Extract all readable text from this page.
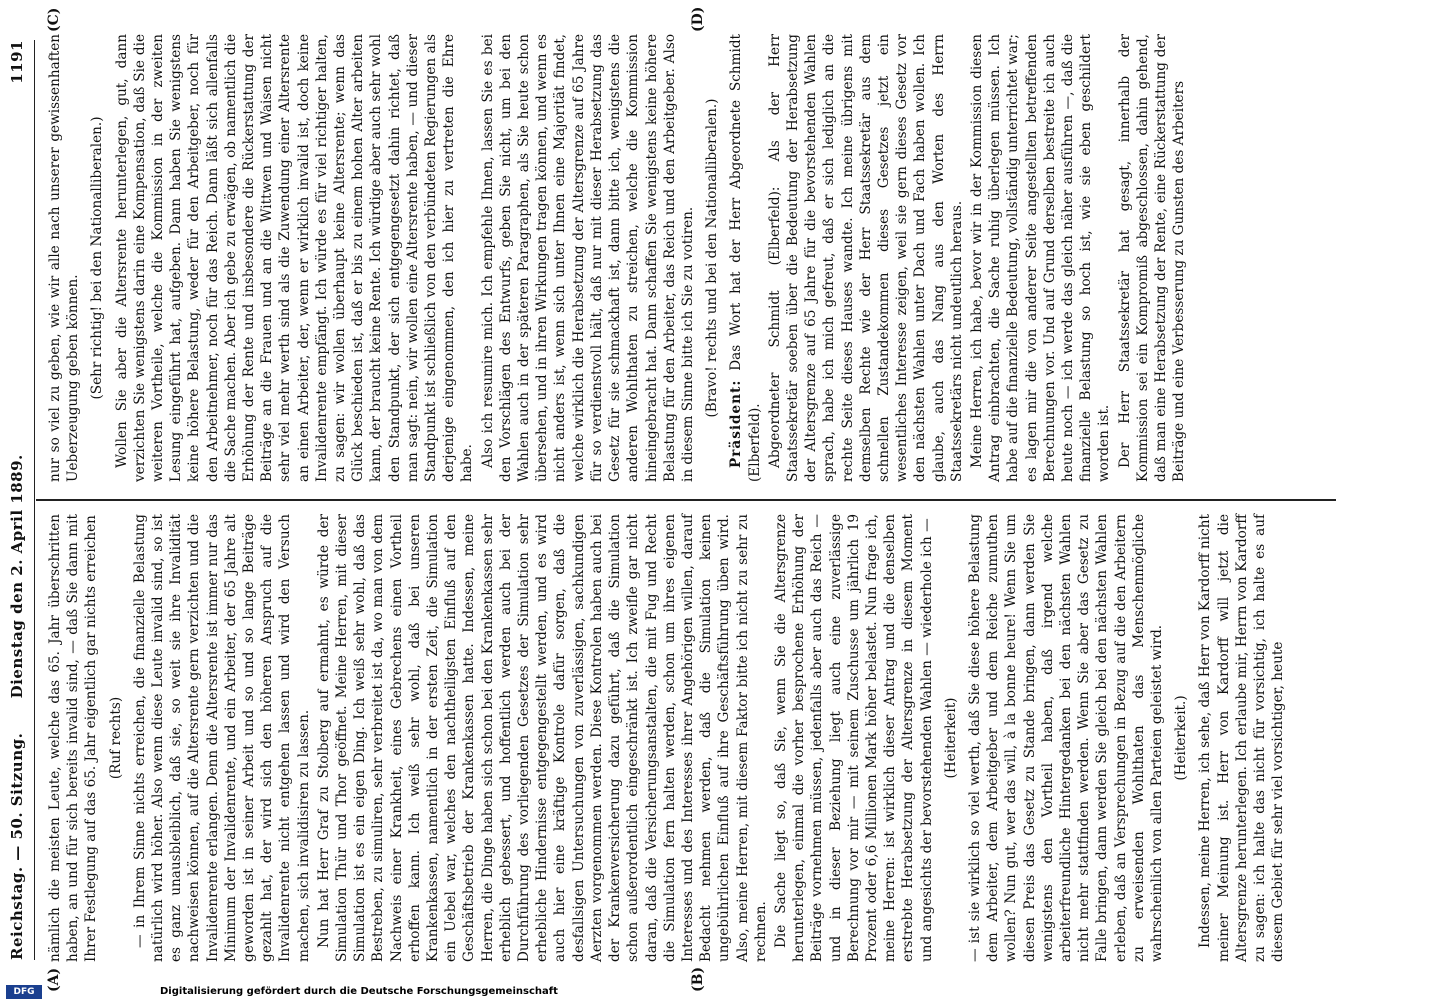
Reichstag. — 50. Sitzung.      Dienstag den 2. April 1889.
1191
(A)	(B)
(C)	(D)

nämlich die meisten Leute, welche das 65. Jahr überschritten haben, an und für sich bereits invalid sind, — daß Sie dann mit Ihrer Festlegung auf das 65. Jahr eigentlich gar nichts erreichen (Ruf rechts) — in Ihrem Sinne nichts erreichen, die finanzielle Belastung natürlich wird höher. Also wenn diese Leute invalid sind, so ist es ganz unausbleiblich, daß sie, so weit sie ihre Invalidität nachweisen können, auf die Altersrente gern verzichten und die Invalidenrente erlangen. Denn die Altersrente ist immer nur das Minimum der Invalidenrente, und ein Arbeiter, der 65 Jahre alt geworden ist in seiner Arbeit und so und so lange Beiträge gezahlt hat, der wird sich den höheren Anspruch auf die Invalidenrente nicht entgehen lassen und wird den Versuch machen, sich invalidisiren zu lassen. Nun hat Herr Graf zu Stolberg auf ermahnt, es würde der Simulation Thür und Thor geöffnet. Meine Herren, mit dieser Simulation ist es ein eigen Ding. Ich weiß sehr wohl, daß das Bestreben, zu simuliren, sehr verbreitet ist da, wo man von dem Nachweis einer Krankheit, eines Gebrechens einen Vortheil erhoffen kann. Ich weiß sehr wohl, daß bei unseren Krankenkassen, namentlich in der ersten Zeit, die Simulation ein Uebel war, welches den nachtheiligsten Einfluß auf den Geschäftsbetrieb der Krankenkassen hatte. Indessen, meine Herren, die Dinge haben sich schon bei den Krankenkassen sehr erheblich gebessert, und hoffentlich werden auch bei der Durchführung des vorliegenden Gesetzes der Simulation sehr erhebliche Hindernisse entgegengestellt werden, und es wird auch hier eine kräftige Kontrole dafür sorgen, daß die desfallsigen Untersuchungen von zuverlässigen, sachkundigen Aerzten vorgenommen werden. Diese Kontrolen haben auch bei der Krankenversicherung dazu geführt, daß die Simulation schon außerordentlich eingeschränkt ist. Ich zweifle gar nicht daran, daß die Versicherungsanstalten, die mit Fug und Recht die Simulation fern halten werden, schon um ihres eigenen Interesses und des Interesses ihrer Angehörigen willen, darauf Bedacht nehmen werden, daß die Simulation keinen ungebührlichen Einfluß auf ihre Geschäftsführung üben wird. Also, meine Herren, mit diesem Faktor bitte ich nicht zu sehr zu rechnen. Die Sache liegt so, daß Sie, wenn Sie die Altersgrenze herunterlegen, einmal die vorher besprochene Erhöhung der Beiträge vornehmen müssen, jedenfalls aber auch das Reich — und in dieser Beziehung liegt auch eine zuverlässige Berechnung vor mir — mit seinem Zuschusse um jährlich 19 Prozent oder 6,6 Millionen Mark höher belastet. Nun frage ich, meine Herren: ist wirklich dieser Antrag und die denselben erstrebte Herabsetzung der Altersgrenze in diesem Moment und angesichts der bevorstehenden Wahlen — wiederhole ich — (Heiterkeit) — ist sie wirklich so viel werth, daß Sie diese höhere Belastung dem Arbeiter, dem Arbeitgeber und dem Reiche zumuthen wollen? Nun gut, wer das will, à la bonne heure! Wenn Sie um diesen Preis das Gesetz zu Stande bringen, dann werden Sie wenigstens den Vortheil haben, daß irgend welche arbeiterfreundliche Hintergedanken bei den nächsten Wahlen nicht mehr stattfinden werden. Wenn Sie aber das Gesetz zu Falle bringen, dann werden Sie gleich bei den nächsten Wahlen erleben, daß an Versprechungen in Bezug auf die den Arbeitern zu erweisenden Wohlthaten das Menschenmögliche wahrscheinlich von allen Parteien geleistet wird. (Heiterkeit.) Indessen, meine Herren, ich sehe, daß Herr von Kardorff nicht meiner Meinung ist. Herr von Kardorff will jetzt die Altersgrenze herunterlegen. Ich erlaube mir, Herrn von Kardorff zu sagen: ich halte das nicht für vorsichtig, ich halte es auf diesem Gebiet für sehr viel vorsichtiger, heute

nur so viel zu geben, wie wir alle nach unserer gewissenhaften Ueberzeugung geben können. (Sehr richtig! bei den Nationalliberalen.) Wollen Sie aber die Altersrente herunterlegen, gut, dann verzichten Sie wenigstens darin eine Kompensation, daß Sie die weiteren Vortheile, welche die Kommission in der zweiten Lesung eingeführt hat, aufgeben. Dann haben Sie wenigstens keine höhere Belastung, weder für den Arbeitgeber, noch für den Arbeitnehmer, noch für das Reich. Dann läßt sich allenfalls die Sache machen. Aber ich gebe zu erwägen, ob namentlich die Erhöhung der Rente und insbesondere die Rückerstattung der Beiträge an die Frauen und an die Wittwen und Waisen nicht sehr viel mehr werth sind als die Zuwendung einer Altersrente an einen Arbeiter, der, wenn er wirklich invalid ist, doch keine Invalidenrente empfängt. Ich würde es für viel richtiger halten, zu sagen: wir wollen überhaupt keine Altersrente; wenn das Glück beschieden ist, daß er bis zu einem hohen Alter arbeiten kann, der braucht keine Rente. Ich würdige aber auch sehr wohl den Standpunkt, der sich entgegengesetzt dahin richtet, daß man sagt: nein, wir wollen eine Altersrente haben, — und dieser Standpunkt ist schließlich von den verbündeten Regierungen als derjenige eingenommen, den ich hier zu vertreten die Ehre habe. Also ich resumire mich. Ich empfehle Ihnen, lassen Sie es bei den Vorschlägen des Entwurfs, geben Sie nicht, um bei den Wahlen auch in der späteren Paragraphen, als Sie heute schon übersehen, und in ihren Wirkungen tragen können, und wenn es nicht anders ist, wenn sich unter Ihnen eine Majorität findet, welche wirklich die Herabsetzung der Altersgrenze auf 65 Jahre für so verdienstvoll hält, daß nur mit dieser Herabsetzung das Gesetz für sie schmackhaft ist, dann bitte ich, wenigstens die anderen Wohlthaten zu streichen, welche die Kommission hineingebracht hat. Dann schaffen Sie wenigstens keine höhere Belastung für den Arbeiter, das Reich und den Arbeitgeber. Also in diesem Sinne bitte ich Sie zu votiren. (Bravo! rechts und bei den Nationalliberalen.)

Präsident: Das Wort hat der Herr Abgeordnete Schmidt (Elberfeld). Abgeordneter Schmidt (Elberfeld): Als der Herr Staatssekretär soeben über die Bedeutung der Herabsetzung der Altersgrenze auf 65 Jahre für die bevorstehenden Wahlen sprach, habe ich mich gefreut, daß er sich lediglich an die rechte Seite dieses Hauses wandte. Ich meine übrigens mit demselben Rechte wie der Herr Staatssekretär aus dem schnellen Zustandekommen dieses Gesetzes jetzt ein wesentliches Interesse zeigen, weil sie gern dieses Gesetz vor den nächsten Wahlen unter Dach und Fach haben wollen. Ich glaube, auch das Nang aus den Worten des Herrn Staatssekretärs nicht undeutlich heraus. Meine Herren, ich habe, bevor wir in der Kommission diesen Antrag einbrachten, die Sache ruhig überlegen müssen. Ich habe auf die finanzielle Bedeutung, vollständig unterrichtet war; es lagen mir die von anderer Seite angestellten betreffenden Berechnungen vor. Und auf Grund derselben bestreite ich auch heute noch — ich werde das gleich näher ausführen —, daß die finanzielle Belastung so hoch ist, wie sie eben geschildert worden ist. Der Herr Staatssekretär hat gesagt, innerhalb der Kommission sei ein Kompromiß abgeschlossen, dahin gehend, daß man eine Herabsetzung der Rente, eine Rückerstattung der Beiträge und eine Verbesserung zu Gunsten des Arbeiters

DFG	Digitalisierung gefördert durch die Deutsche Forschungsgemeinschaft
